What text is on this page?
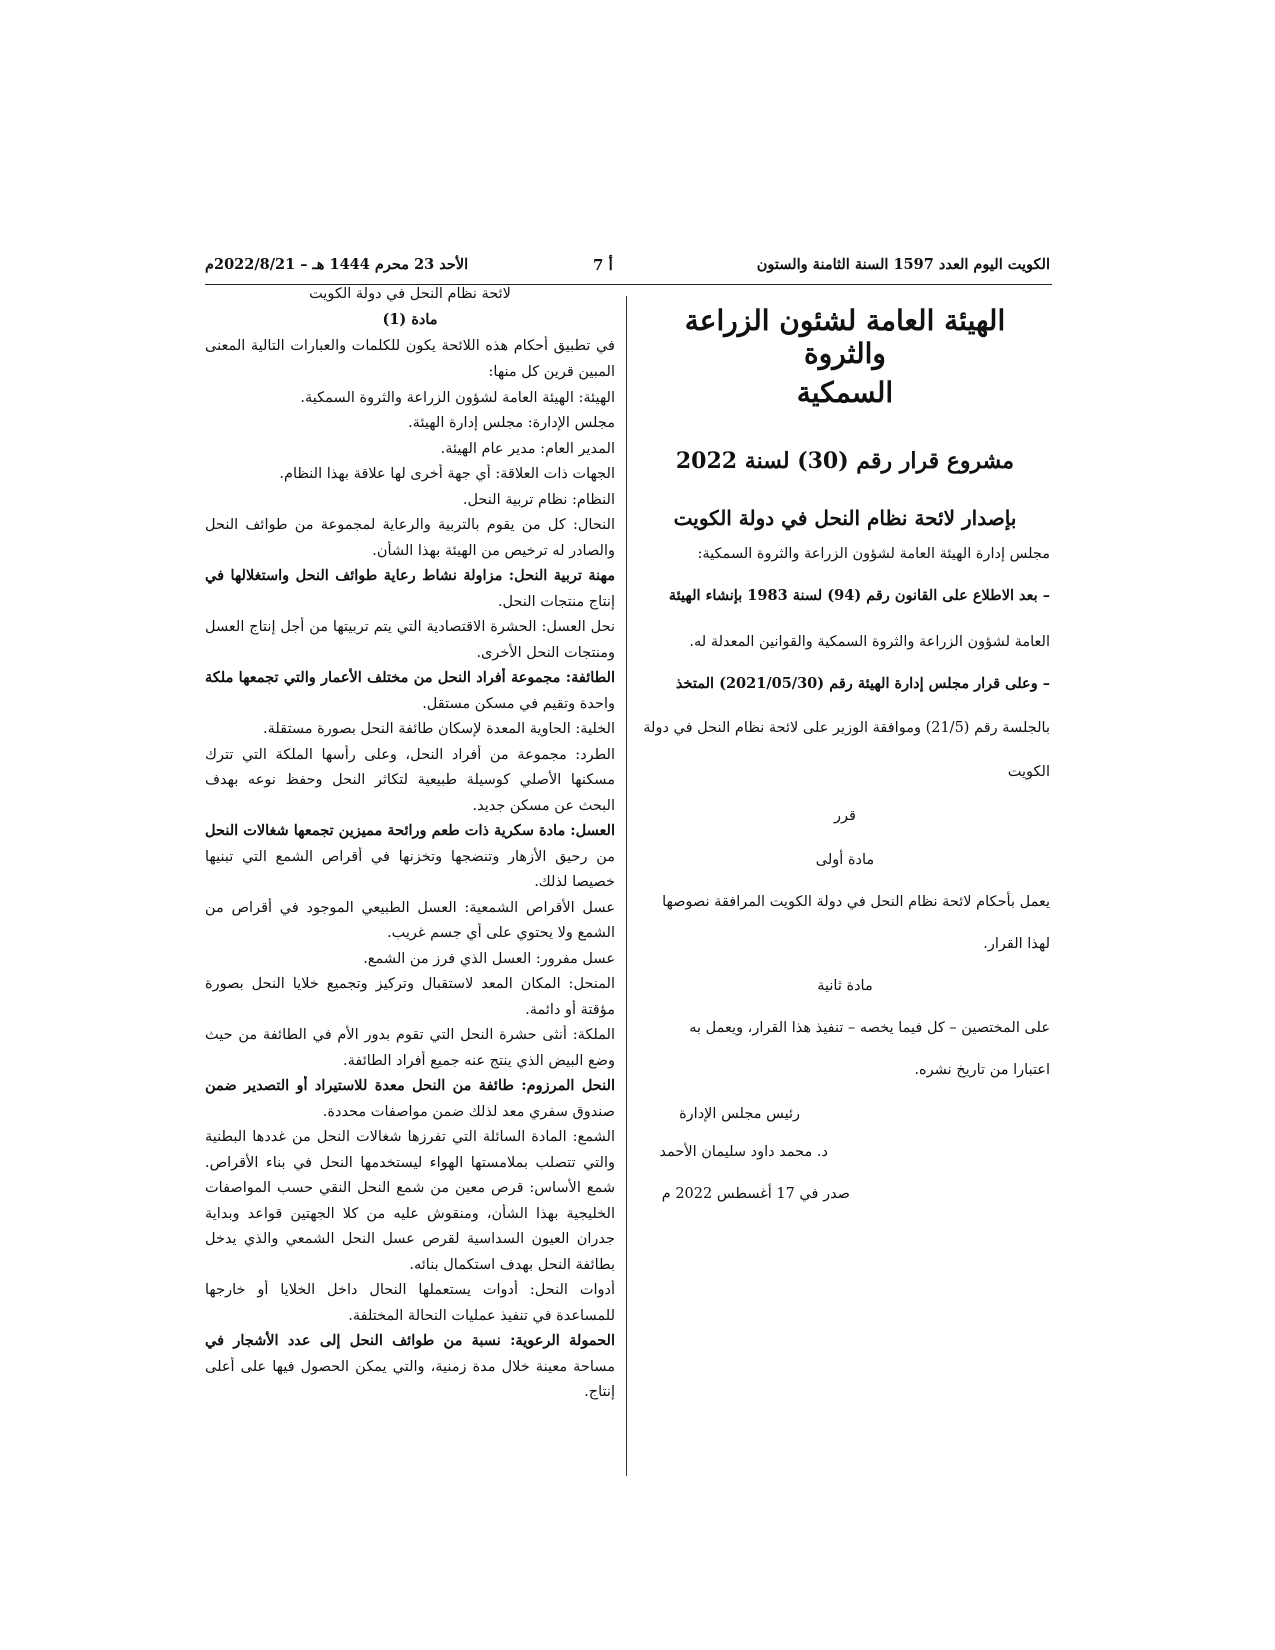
الكويت اليوم العدد 1597 السنة الثامنة والستون
أ 7
الأحد 23 محرم 1444 هـ – 2022/8/21م
الهيئة العامة لشئون الزراعة والثروة
السمكية
مشروع قرار رقم (30) لسنة 2022
بإصدار لائحة نظام النحل في دولة الكويت
مجلس إدارة الهيئة العامة لشؤون الزراعة والثروة السمكية:
– بعد الاطلاع على القانون رقم (94) لسنة 1983 بإنشاء الهيئة
العامة لشؤون الزراعة والثروة السمكية والقوانين المعدلة له.
– وعلى قرار مجلس إدارة الهيئة رقم (2021/05/30) المتخذ
بالجلسة رقم (21/5) وموافقة الوزير على لائحة نظام النحل في دولة
الكويت
قرر
مادة أولى
يعمل بأحكام لائحة نظام النحل في دولة الكويت المرافقة نصوصها
لهذا القرار.
مادة ثانية
على المختصين – كل فيما يخصه – تنفيذ هذا القرار، ويعمل به
اعتبارا من تاريخ نشره.
رئيس مجلس الإدارة
د. محمد داود سليمان الأحمد
صدر في 17 أغسطس 2022 م
لائحة نظام النحل في دولة الكويت
مادة (1)
في تطبيق أحكام هذه اللائحة يكون للكلمات والعبارات التالية المعنى
المبين قرين كل منها:
الهيئة: الهيئة العامة لشؤون الزراعة والثروة السمكية.
مجلس الإدارة: مجلس إدارة الهيئة.
المدير العام: مدير عام الهيئة.
الجهات ذات العلاقة: أي جهة أخرى لها علاقة بهذا النظام.
النظام: نظام تربية النحل.
النحال: كل من يقوم بالتربية والرعاية لمجموعة من طوائف النحل
والصادر له ترخيص من الهيئة بهذا الشأن.
مهنة تربية النحل: مزاولة نشاط رعاية طوائف النحل واستغلالها في
إنتاج منتجات النحل.
نحل العسل: الحشرة الاقتصادية التي يتم تربيتها من أجل إنتاج العسل
ومنتجات النحل الأخرى.
الطائفة: مجموعة أفراد النحل من مختلف الأعمار والتي تجمعها ملكة
واحدة وتقيم في مسكن مستقل.
الخلية: الحاوية المعدة لإسكان طائفة النحل بصورة مستقلة.
الطرد: مجموعة من أفراد النحل، وعلى رأسها الملكة التي تترك
مسكنها الأصلي كوسيلة طبيعية لتكاثر النحل وحفظ نوعه بهدف
البحث عن مسكن جديد.
العسل: مادة سكرية ذات طعم ورائحة مميزين تجمعها شغالات النحل
من رحيق الأزهار وتنضجها وتخزنها في أقراص الشمع التي تبنيها
خصيصا لذلك.
عسل الأقراص الشمعية: العسل الطبيعي الموجود في أقراص من
الشمع ولا يحتوي على أي جسم غريب.
عسل مفرور: العسل الذي فرز من الشمع.
المنحل: المكان المعد لاستقبال وتركيز وتجميع خلايا النحل بصورة
مؤقتة أو دائمة.
الملكة: أنثى حشرة النحل التي تقوم بدور الأم في الطائفة من حيث
وضع البيض الذي ينتج عنه جميع أفراد الطائفة.
النحل المرزوم: طائفة من النحل معدة للاستيراد أو التصدير ضمن
صندوق سفري معد لذلك ضمن مواصفات محددة.
الشمع: المادة السائلة التي تفرزها شغالات النحل من غددها البطنية
والتي تتصلب بملامستها الهواء ليستخدمها النحل في بناء الأقراص.
شمع الأساس: قرص معين من شمع النحل النقي حسب المواصفات
الخليجية بهذا الشأن، ومنقوش عليه من كلا الجهتين قواعد وبداية
جدران العيون السداسية لقرص عسل النحل الشمعي والذي يدخل
بطائفة النحل بهدف استكمال بنائه.
أدوات النحل: أدوات يستعملها النحال داخل الخلايا أو خارجها
للمساعدة في تنفيذ عمليات النحالة المختلفة.
الحمولة الرعوية: نسبة من طوائف النحل إلى عدد الأشجار في
مساحة معينة خلال مدة زمنية، والتي يمكن الحصول فيها على أعلى
إنتاج.
